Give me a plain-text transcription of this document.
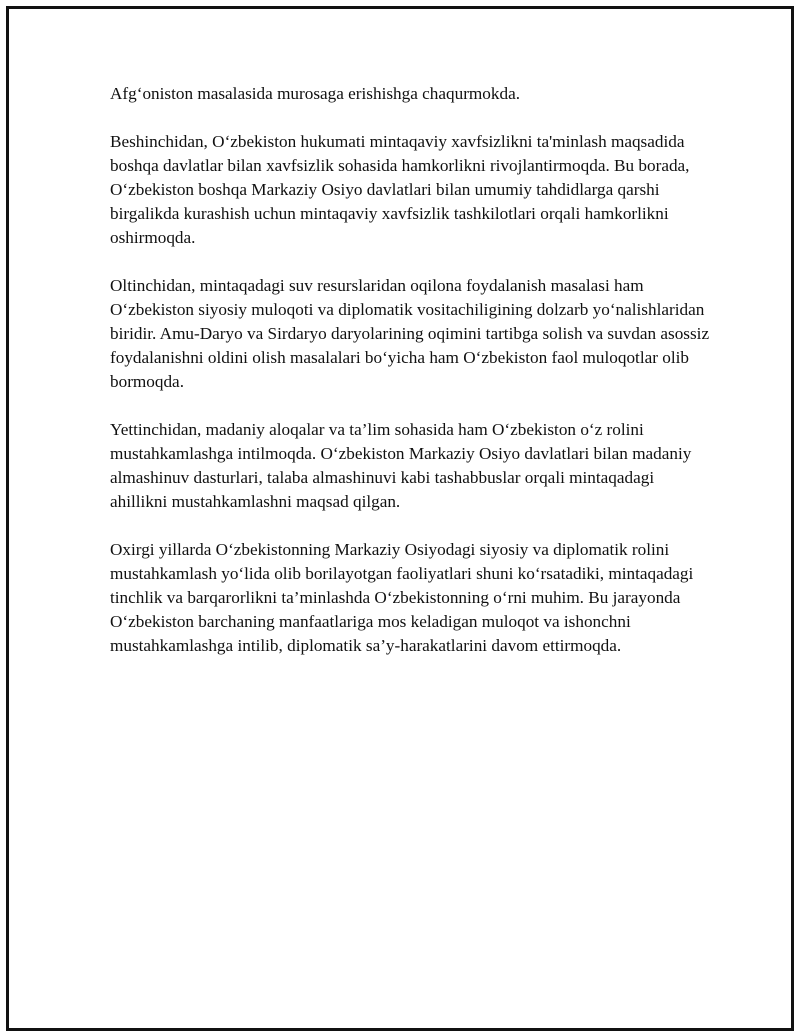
Afg‘oniston masalasida murosaga erishishga chaqurmokda.

Beshinchidan, O‘zbekiston hukumati mintaqaviy xavfsizlikni ta'minlash maqsadida boshqa davlatlar bilan xavfsizlik sohasida hamkorlikni rivojlantirmoqda. Bu borada, O‘zbekiston boshqa Markaziy Osiyo davlatlari bilan umumiy tahdidlarga qarshi birgalikda kurashish uchun mintaqaviy xavfsizlik tashkilotlari orqali hamkorlikni oshirmoqda.

Oltinchidan, mintaqadagi suv resurslaridan oqilona foydalanish masalasi ham O‘zbekiston siyosiy muloqoti va diplomatik vositachiligining dolzarb yo‘nalishlaridan biridir. Amu-Daryo va Sirdaryo daryolarining oqimini tartibga solish va suvdan asossiz foydalanishni oldini olish masalalari bo‘yicha ham O‘zbekiston faol muloqotlar olib bormoqda.

Yettinchidan, madaniy aloqalar va ta’lim sohasida ham O‘zbekiston o‘z rolini mustahkamlashga intilmoqda. O‘zbekiston Markaziy Osiyo davlatlari bilan madaniy almashinuv dasturlari, talaba almashinuvi kabi tashabbuslar orqali mintaqadagi ahillikni mustahkamlashni maqsad qilgan.

Oxirgi yillarda O‘zbekistonning Markaziy Osiyodagi siyosiy va diplomatik rolini mustahkamlash yo‘lida olib borilayotgan faoliyatlari shuni ko‘rsatadiki, mintaqadagi tinchlik va barqarorlikni ta’minlashda O‘zbekistonning o‘rni muhim. Bu jarayonda O‘zbekiston barchaning manfaatlariga mos keladigan muloqot va ishonchni mustahkamlashga intilib, diplomatik sa’y-harakatlarini davom ettirmoqda.
